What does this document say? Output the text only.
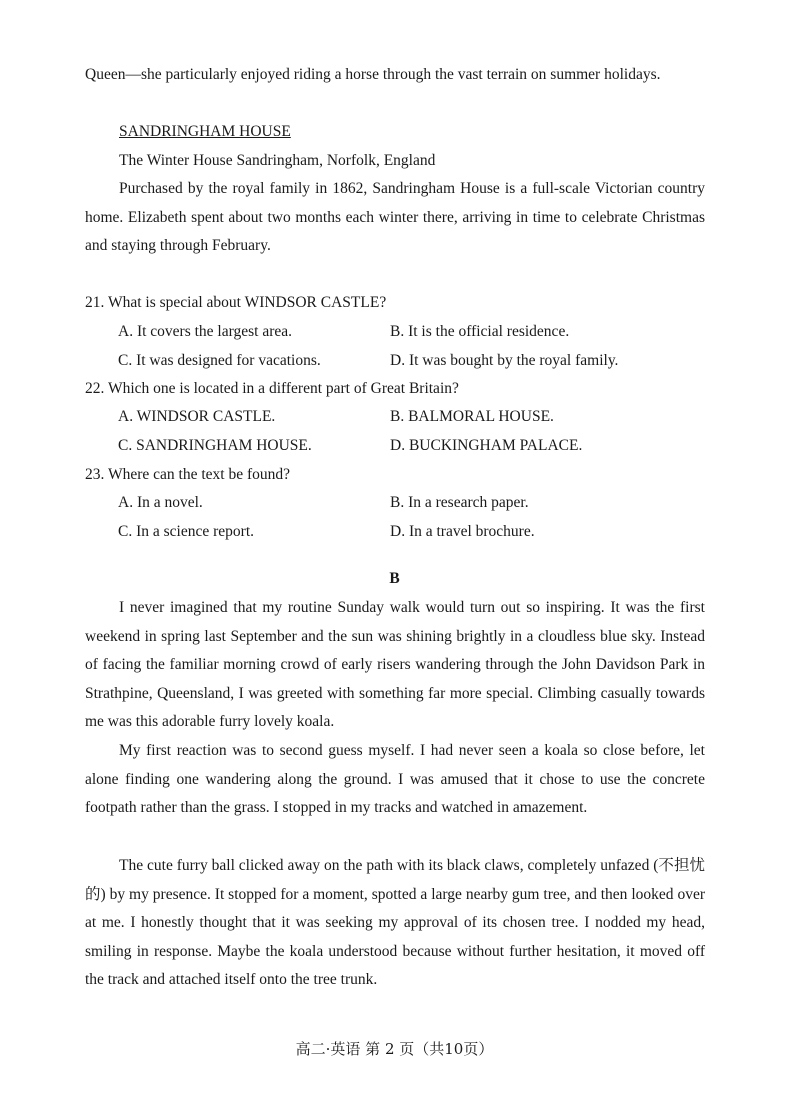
Queen—she particularly enjoyed riding a horse through the vast terrain on summer holidays.

SANDRINGHAM HOUSE

The Winter House Sandringham, Norfolk, England

Purchased by the royal family in 1862, Sandringham House is a full-scale Victorian country home. Elizabeth spent about two months each winter there, arriving in time to celebrate Christmas and staying through February.

21. What is special about WINDSOR CASTLE?

A. It covers the largest area.	B. It is the official residence.

C. It was designed for vacations.	D. It was bought by the royal family.

22. Which one is located in a different part of Great Britain?

A. WINDSOR CASTLE.	B. BALMORAL HOUSE.

C. SANDRINGHAM HOUSE.	D. BUCKINGHAM PALACE.

23. Where can the text be found?

A. In a novel.	B. In a research paper.

C. In a science report.	D. In a travel brochure.

B

I never imagined that my routine Sunday walk would turn out so inspiring. It was the first weekend in spring last September and the sun was shining brightly in a cloudless blue sky. Instead of facing the familiar morning crowd of early risers wandering through the John Davidson Park in Strathpine, Queensland, I was greeted with something far more special. Climbing casually towards me was this adorable furry lovely koala.

My first reaction was to second guess myself. I had never seen a koala so close before, let alone finding one wandering along the ground. I was amused that it chose to use the concrete footpath rather than the grass. I stopped in my tracks and watched in amazement.

The cute furry ball clicked away on the path with its black claws, completely unfazed (不担忧的) by my presence. It stopped for a moment, spotted a large nearby gum tree, and then looked over at me. I honestly thought that it was seeking my approval of its chosen tree. I nodded my head, smiling in response. Maybe the koala understood because without further hesitation, it moved off the track and attached itself onto the tree trunk.

高二·英语 第 2 页（共10页）
